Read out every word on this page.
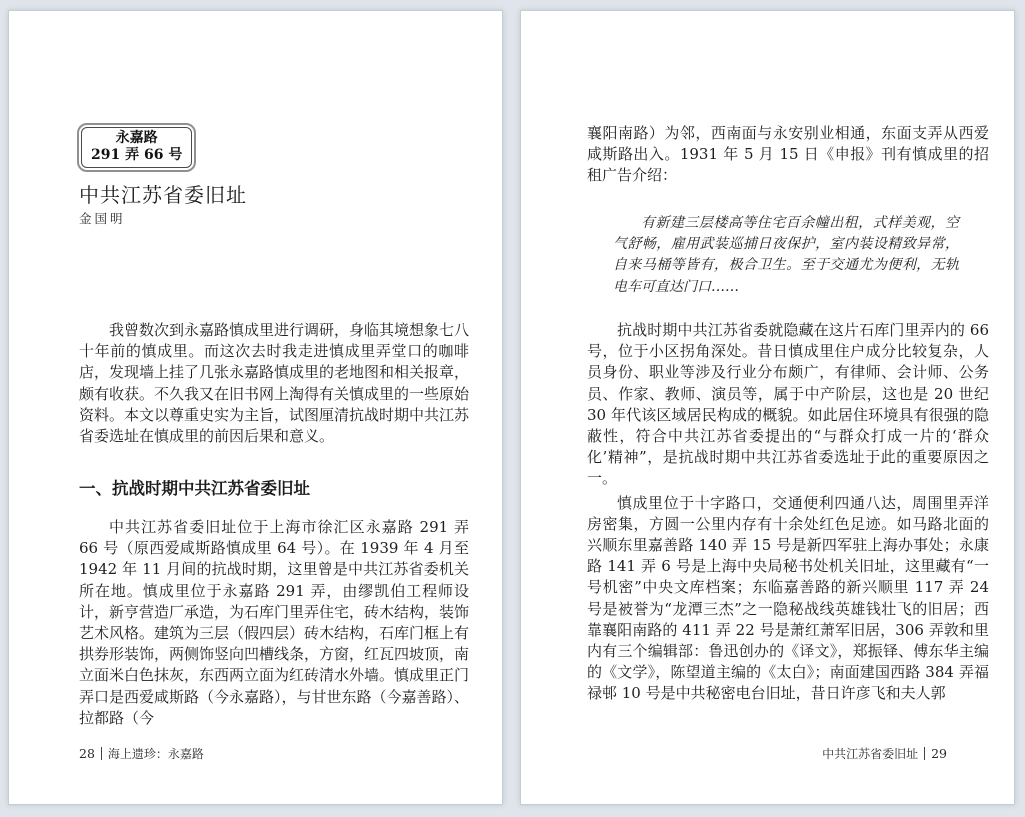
永嘉路
291 弄 66 号
中共江苏省委旧址
金国明
我曾数次到永嘉路慎成里进行调研，身临其境想象七八十年前的慎成里。而这次去时我走进慎成里弄堂口的咖啡店，发现墙上挂了几张永嘉路慎成里的老地图和相关报章，颇有收获。不久我又在旧书网上淘得有关慎成里的一些原始资料。本文以尊重史实为主旨，试图厘清抗战时期中共江苏省委选址在慎成里的前因后果和意义。
一、抗战时期中共江苏省委旧址
中共江苏省委旧址位于上海市徐汇区永嘉路 291 弄 66 号（原西爱咸斯路慎成里 64 号）。在 1939 年 4 月至 1942 年 11 月间的抗战时期，这里曾是中共江苏省委机关所在地。慎成里位于永嘉路 291 弄，由缪凯伯工程师设计，新亨营造厂承造，为石库门里弄住宅，砖木结构，装饰艺术风格。建筑为三层（假四层）砖木结构，石库门框上有拱券形装饰，两侧饰竖向凹槽线条，方窗，红瓦四坡顶，南立面米白色抹灰，东西两立面为红砖清水外墙。慎成里正门弄口是西爱咸斯路（今永嘉路），与甘世东路（今嘉善路）、拉都路（今
28 海上遗珍：永嘉路
襄阳南路）为邻，西南面与永安别业相通，东面支弄从西爱咸斯路出入。1931 年 5 月 15 日《申报》刊有慎成里的招租广告介绍：
有新建三层楼高等住宅百余幢出租，式样美观，空气舒畅，雇用武装巡捕日夜保护，室内装设精致异常，自来马桶等皆有，极合卫生。至于交通尤为便利，无轨电车可直达门口……

抗战时期中共江苏省委就隐藏在这片石库门里弄内的 66 号，位于小区拐角深处。昔日慎成里住户成分比较复杂，人员身份、职业等涉及行业分布颇广，有律师、会计师、公务员、作家、教师、演员等，属于中产阶层，这也是 20 世纪 30 年代该区域居民构成的概貌。如此居住环境具有很强的隐蔽性，符合中共江苏省委提出的“与群众打成一片的‘群众化’精神”，是抗战时期中共江苏省委选址于此的重要原因之一。

慎成里位于十字路口，交通便利四通八达，周围里弄洋房密集，方圆一公里内存有十余处红色足迹。如马路北面的兴顺东里嘉善路 140 弄 15 号是新四军驻上海办事处；永康路 141 弄 6 号是上海中央局秘书处机关旧址，这里藏有“一号机密”中央文库档案；东临嘉善路的新兴顺里 117 弄 24 号是被誉为“龙潭三杰”之一隐秘战线英雄钱壮飞的旧居；西靠襄阳南路的 411 弄 22 号是萧红萧军旧居，306 弄敦和里内有三个编辑部：鲁迅创办的《译文》，郑振铎、傅东华主编的《文学》，陈望道主编的《太白》；南面建国西路 384 弄福禄邨 10 号是中共秘密电台旧址，昔日许彦飞和夫人郭

中共江苏省委旧址 29
